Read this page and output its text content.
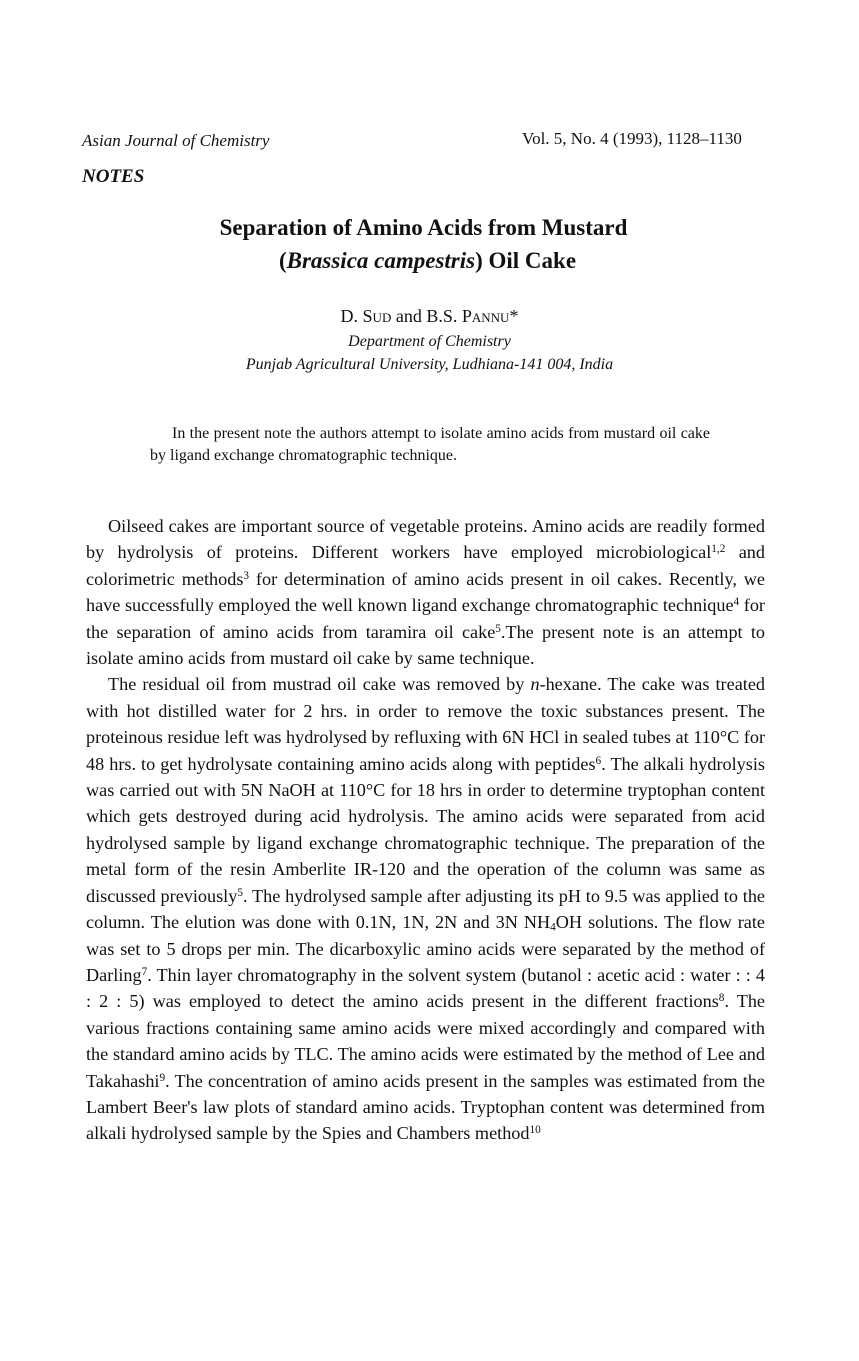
Asian Journal of Chemistry	Vol. 5, No. 4 (1993), 1128–1130
NOTES
Separation of Amino Acids from Mustard
(Brassica campestris) Oil Cake
D. Sud and B.S. Pannu*
Department of Chemistry
Punjab Agricultural University, Ludhiana-141 004, India
In the present note the authors attempt to isolate amino acids from mustard oil cake by ligand exchange chromatographic technique.

Oilseed cakes are important source of vegetable proteins. Amino acids are readily formed by hydrolysis of proteins. Different workers have employed microbiological$^{1,2}$ and colorimetric methods$^3$ for determination of amino acids present in oil cakes. Recently, we have successfully employed the well known ligand exchange chromatographic technique$^4$ for the separation of amino acids from taramira oil cake$^5$.The present note is an attempt to isolate amino acids from mustard oil cake by same technique.

The residual oil from mustrad oil cake was removed by n-hexane. The cake was treated with hot distilled water for 2 hrs. in order to remove the toxic substances present. The proteinous residue left was hydrolysed by refluxing with 6N HCl in sealed tubes at 110°C for 48 hrs. to get hydrolysate containing amino acids along with peptides$^6$. The alkali hydrolysis was carried out with 5N NaOH at 110°C for 18 hrs in order to determine tryptophan content which gets destroyed during acid hydrolysis. The amino acids were separated from acid hydrolysed sample by ligand exchange chromatographic technique. The preparation of the metal form of the resin Amberlite IR-120 and the operation of the column was same as discussed previously$^5$. The hydrolysed sample after adjusting its pH to 9.5 was applied to the column. The elution was done with 0.1N, 1N, 2N and 3N $NH_4OH$ solutions. The flow rate was set to 5 drops per min. The dicarboxylic amino acids were separated by the method of Darling$^7$. Thin layer chromatography in the solvent system (butanol : acetic acid : water : : 4 : 2 : 5) was employed to detect the amino acids present in the different fractions$^8$. The various fractions containing same amino acids were mixed accordingly and compared with the standard amino acids by TLC. The amino acids were estimated by the method of Lee and Takahashi$^9$. The concentration of amino acids present in the samples was estimated from the Lambert Beer's law plots of standard amino acids. Tryptophan content was determined from alkali hydrolysed sample by the Spies and Chambers method$^{10}$
